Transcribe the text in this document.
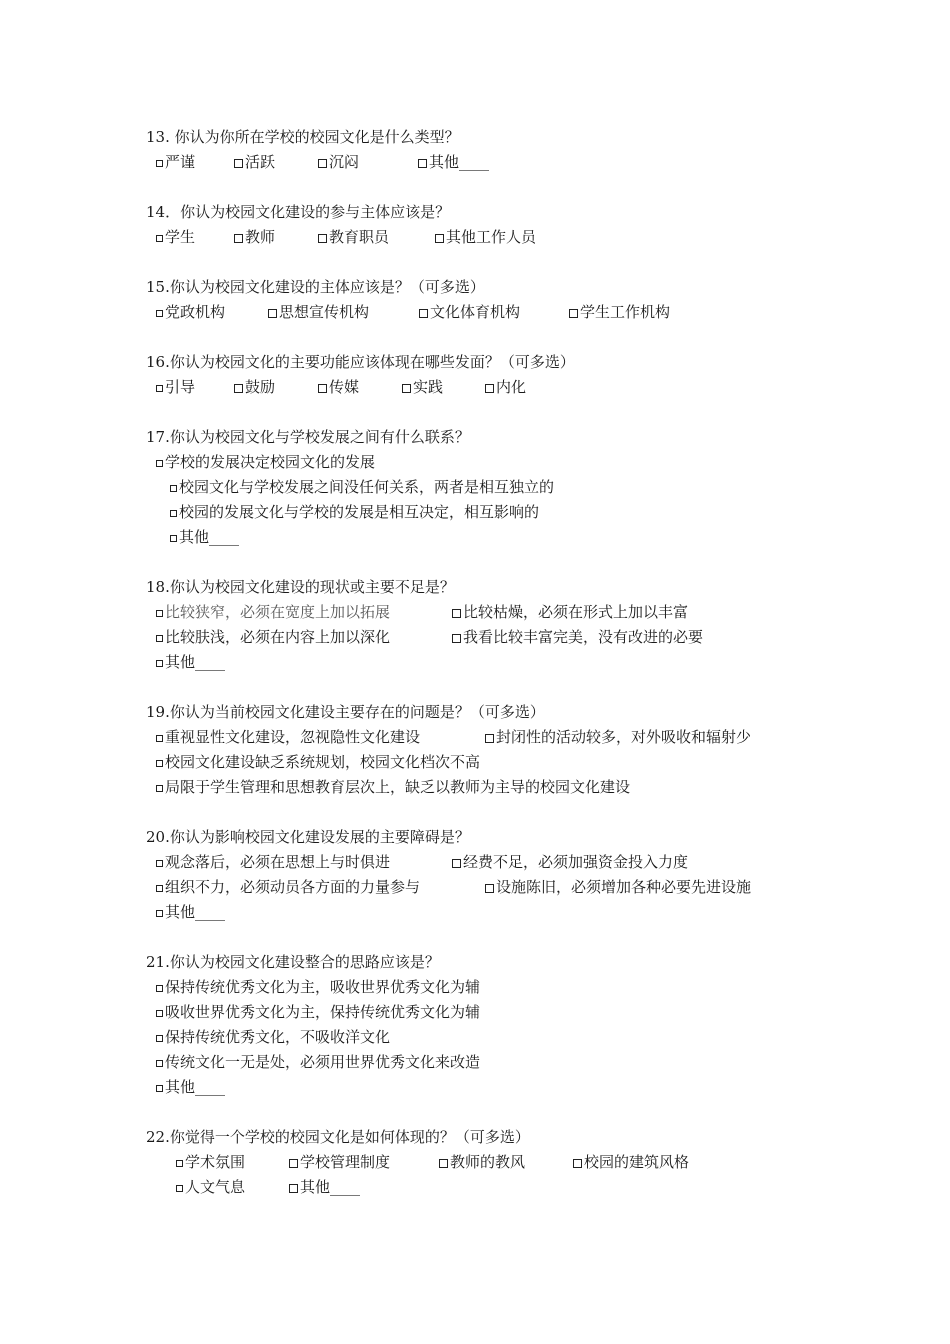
13. 你认为你所在学校的校园文化是什么类型？
严谨	活跃	沉闷	其他____
14．你认为校园文化建设的参与主体应该是？
学生	教师	教育职员	其他工作人员
15.你认为校园文化建设的主体应该是？（可多选）
党政机构	思想宣传机构	文化体育机构	学生工作机构
16.你认为校园文化的主要功能应该体现在哪些发面？（可多选）
引导	鼓励	传媒	实践	内化
17.你认为校园文化与学校发展之间有什么联系？
学校的发展决定校园文化的发展
校园文化与学校发展之间没任何关系，两者是相互独立的
校园的发展文化与学校的发展是相互决定，相互影响的
其他____
18.你认为校园文化建设的现状或主要不足是？
比较狭窄，必须在宽度上加以拓展	比较枯燥，必须在形式上加以丰富
比较肤浅，必须在内容上加以深化	我看比较丰富完美，没有改进的必要
其他____
19.你认为当前校园文化建设主要存在的问题是？（可多选）
重视显性文化建设，忽视隐性文化建设	封闭性的活动较多，对外吸收和辐射少
校园文化建设缺乏系统规划，校园文化档次不高
局限于学生管理和思想教育层次上，缺乏以教师为主导的校园文化建设
20.你认为影响校园文化建设发展的主要障碍是？
观念落后，必须在思想上与时俱进	经费不足，必须加强资金投入力度
组织不力，必须动员各方面的力量参与	设施陈旧，必须增加各种必要先进设施
其他____
21.你认为校园文化建设整合的思路应该是？
保持传统优秀文化为主，吸收世界优秀文化为辅
吸收世界优秀文化为主，保持传统优秀文化为辅
保持传统优秀文化，不吸收洋文化
传统文化一无是处，必须用世界优秀文化来改造
其他____
22.你觉得一个学校的校园文化是如何体现的？（可多选）
学术氛围	学校管理制度	教师的教风	校园的建筑风格
人文气息	其他____
